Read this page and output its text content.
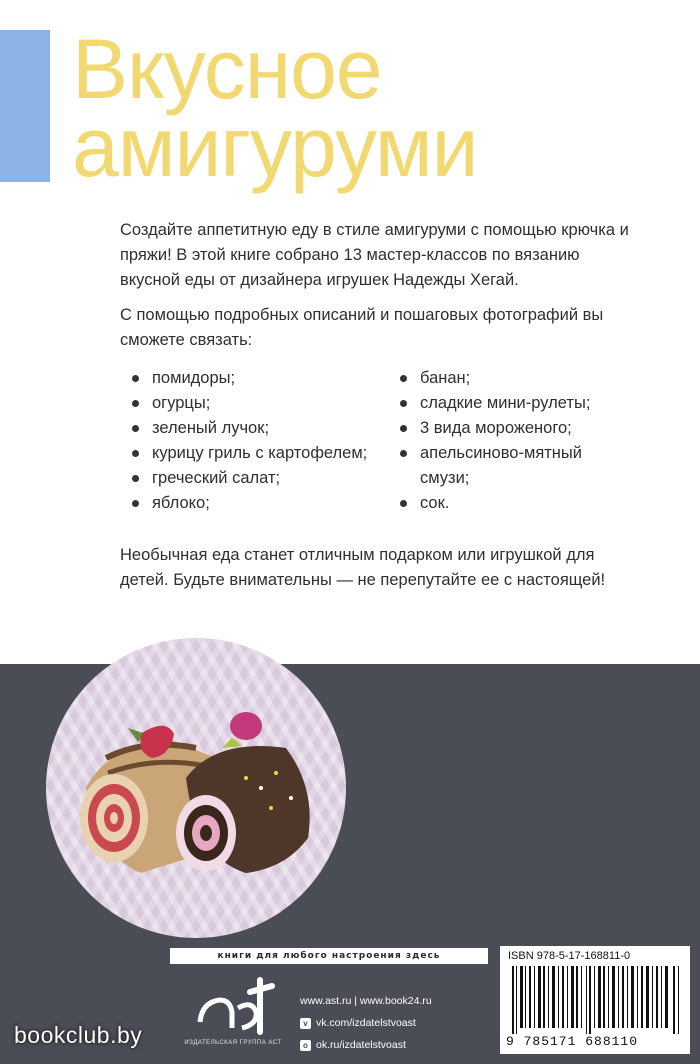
Вкусное
амигуруми

Создайте аппетитную еду в стиле амигуруми с помощью крючка и пряжи! В этой книге собрано 13 мастер-классов по вязанию вкусной еды от дизайнера игрушек Надежды Хегай.

С помощью подробных описаний и пошаговых фотографий вы сможете связать:

помидоры;
огурцы;
зеленый лучок;
курицу гриль с картофелем;
греческий салат;
яблоко;
банан;
сладкие мини-рулеты;
3 вида мороженого;
апельсиново-мятный смузи;
сок.

Необычная еда станет отличным подарком или игрушкой для детей. Будьте внимательны — не перепутайте ее с настоящей!

книги для любого настроения здесь	ISBN 978-5-17-168811-0
9 785171 688110
ИЗДАТЕЛЬСКАЯ ГРУППА АСТ
www.ast.ru | www.book24.ru
v vk.com/izdatelstvoast
o ok.ru/izdatelstvoast
bookclub.by
